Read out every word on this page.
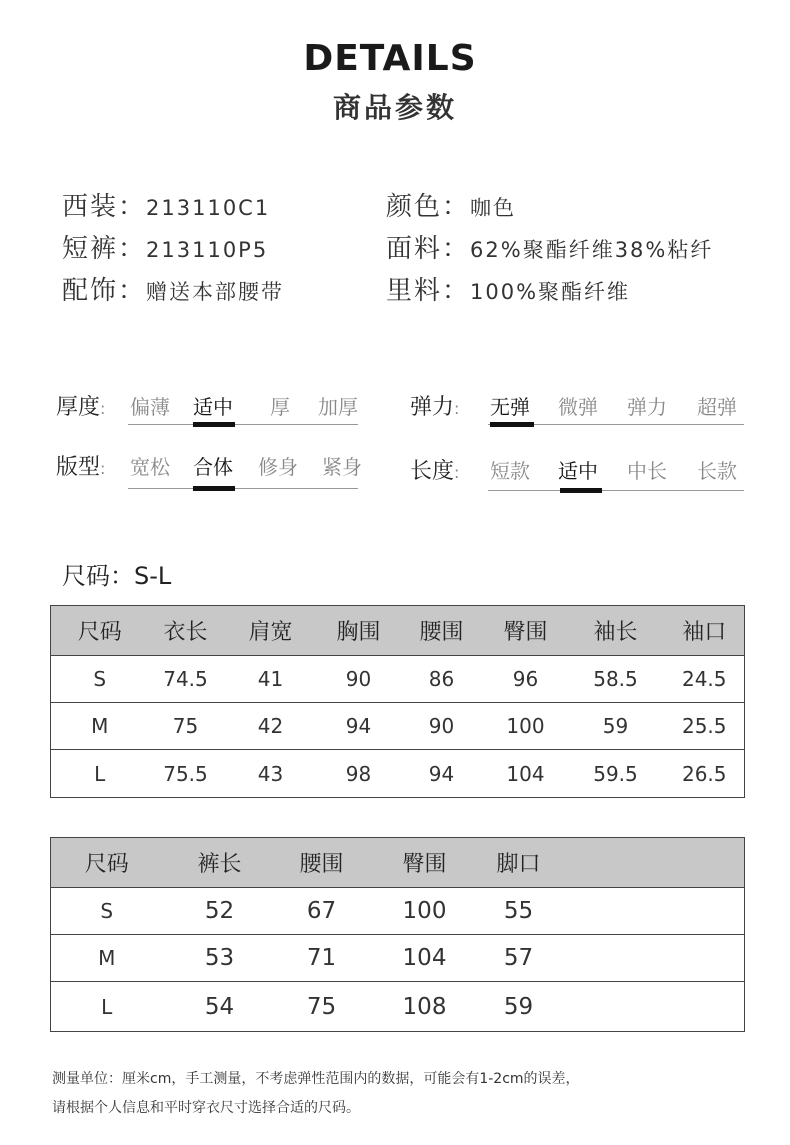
DETAILS
商品参数
西装：213110C1	颜色：咖色
短裤：213110P5	面料：62%聚酯纤维38%粘纤
配饰：赠送本部腰带	里料：100%聚酯纤维
厚度: 偏薄 适中 厚 加厚 弹力: 无弹 微弹 弹力 超弹
版型: 宽松 合体 修身 紧身 长度: 短款 适中 中长 长款
尺码：S-L
尺码	衣长	肩宽	胸围	腰围	臀围	袖长	袖口
S	74.5	41	90	86	96	58.5	24.5
M	75	42	94	90	100	59	25.5
L	75.5	43	98	94	104	59.5	26.5
尺码	裤长	腰围	臀围	脚口	
S	52	67	100	55	
M	53	71	104	57	
L	54	75	108	59	
测量单位：厘米cm，手工测量，不考虑弹性范围内的数据，可能会有1-2cm的误差，
请根据个人信息和平时穿衣尺寸选择合适的尺码。
